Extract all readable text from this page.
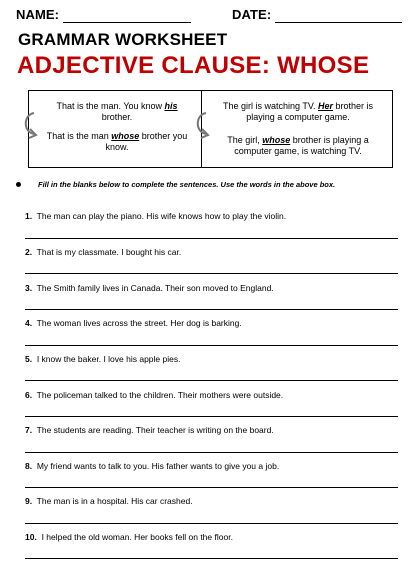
NAME:	DATE:
GRAMMAR WORKSHEET
ADJECTIVE CLAUSE: WHOSE
That is the man. You know his
brother.
That is the man whose brother you know.
The girl is watching TV. Her brother is playing a computer game.
The girl, whose brother is playing a computer game, is watching TV.
Fill in the blanks below to complete the sentences. Use the words in the above box.
1. The man can play the piano. His wife knows how to play the violin.
2. That is my classmate. I bought his car.
3. The Smith family lives in Canada. Their son moved to England.
4. The woman lives across the street. Her dog is barking.
5. I know the baker. I love his apple pies.
6. The policeman talked to the children. Their mothers were outside.
7. The students are reading. Their teacher is writing on the board.
8. My friend wants to talk to you. His father wants to give you a job.
9. The man is in a hospital. His car crashed.
10. I helped the old woman. Her books fell on the floor.
